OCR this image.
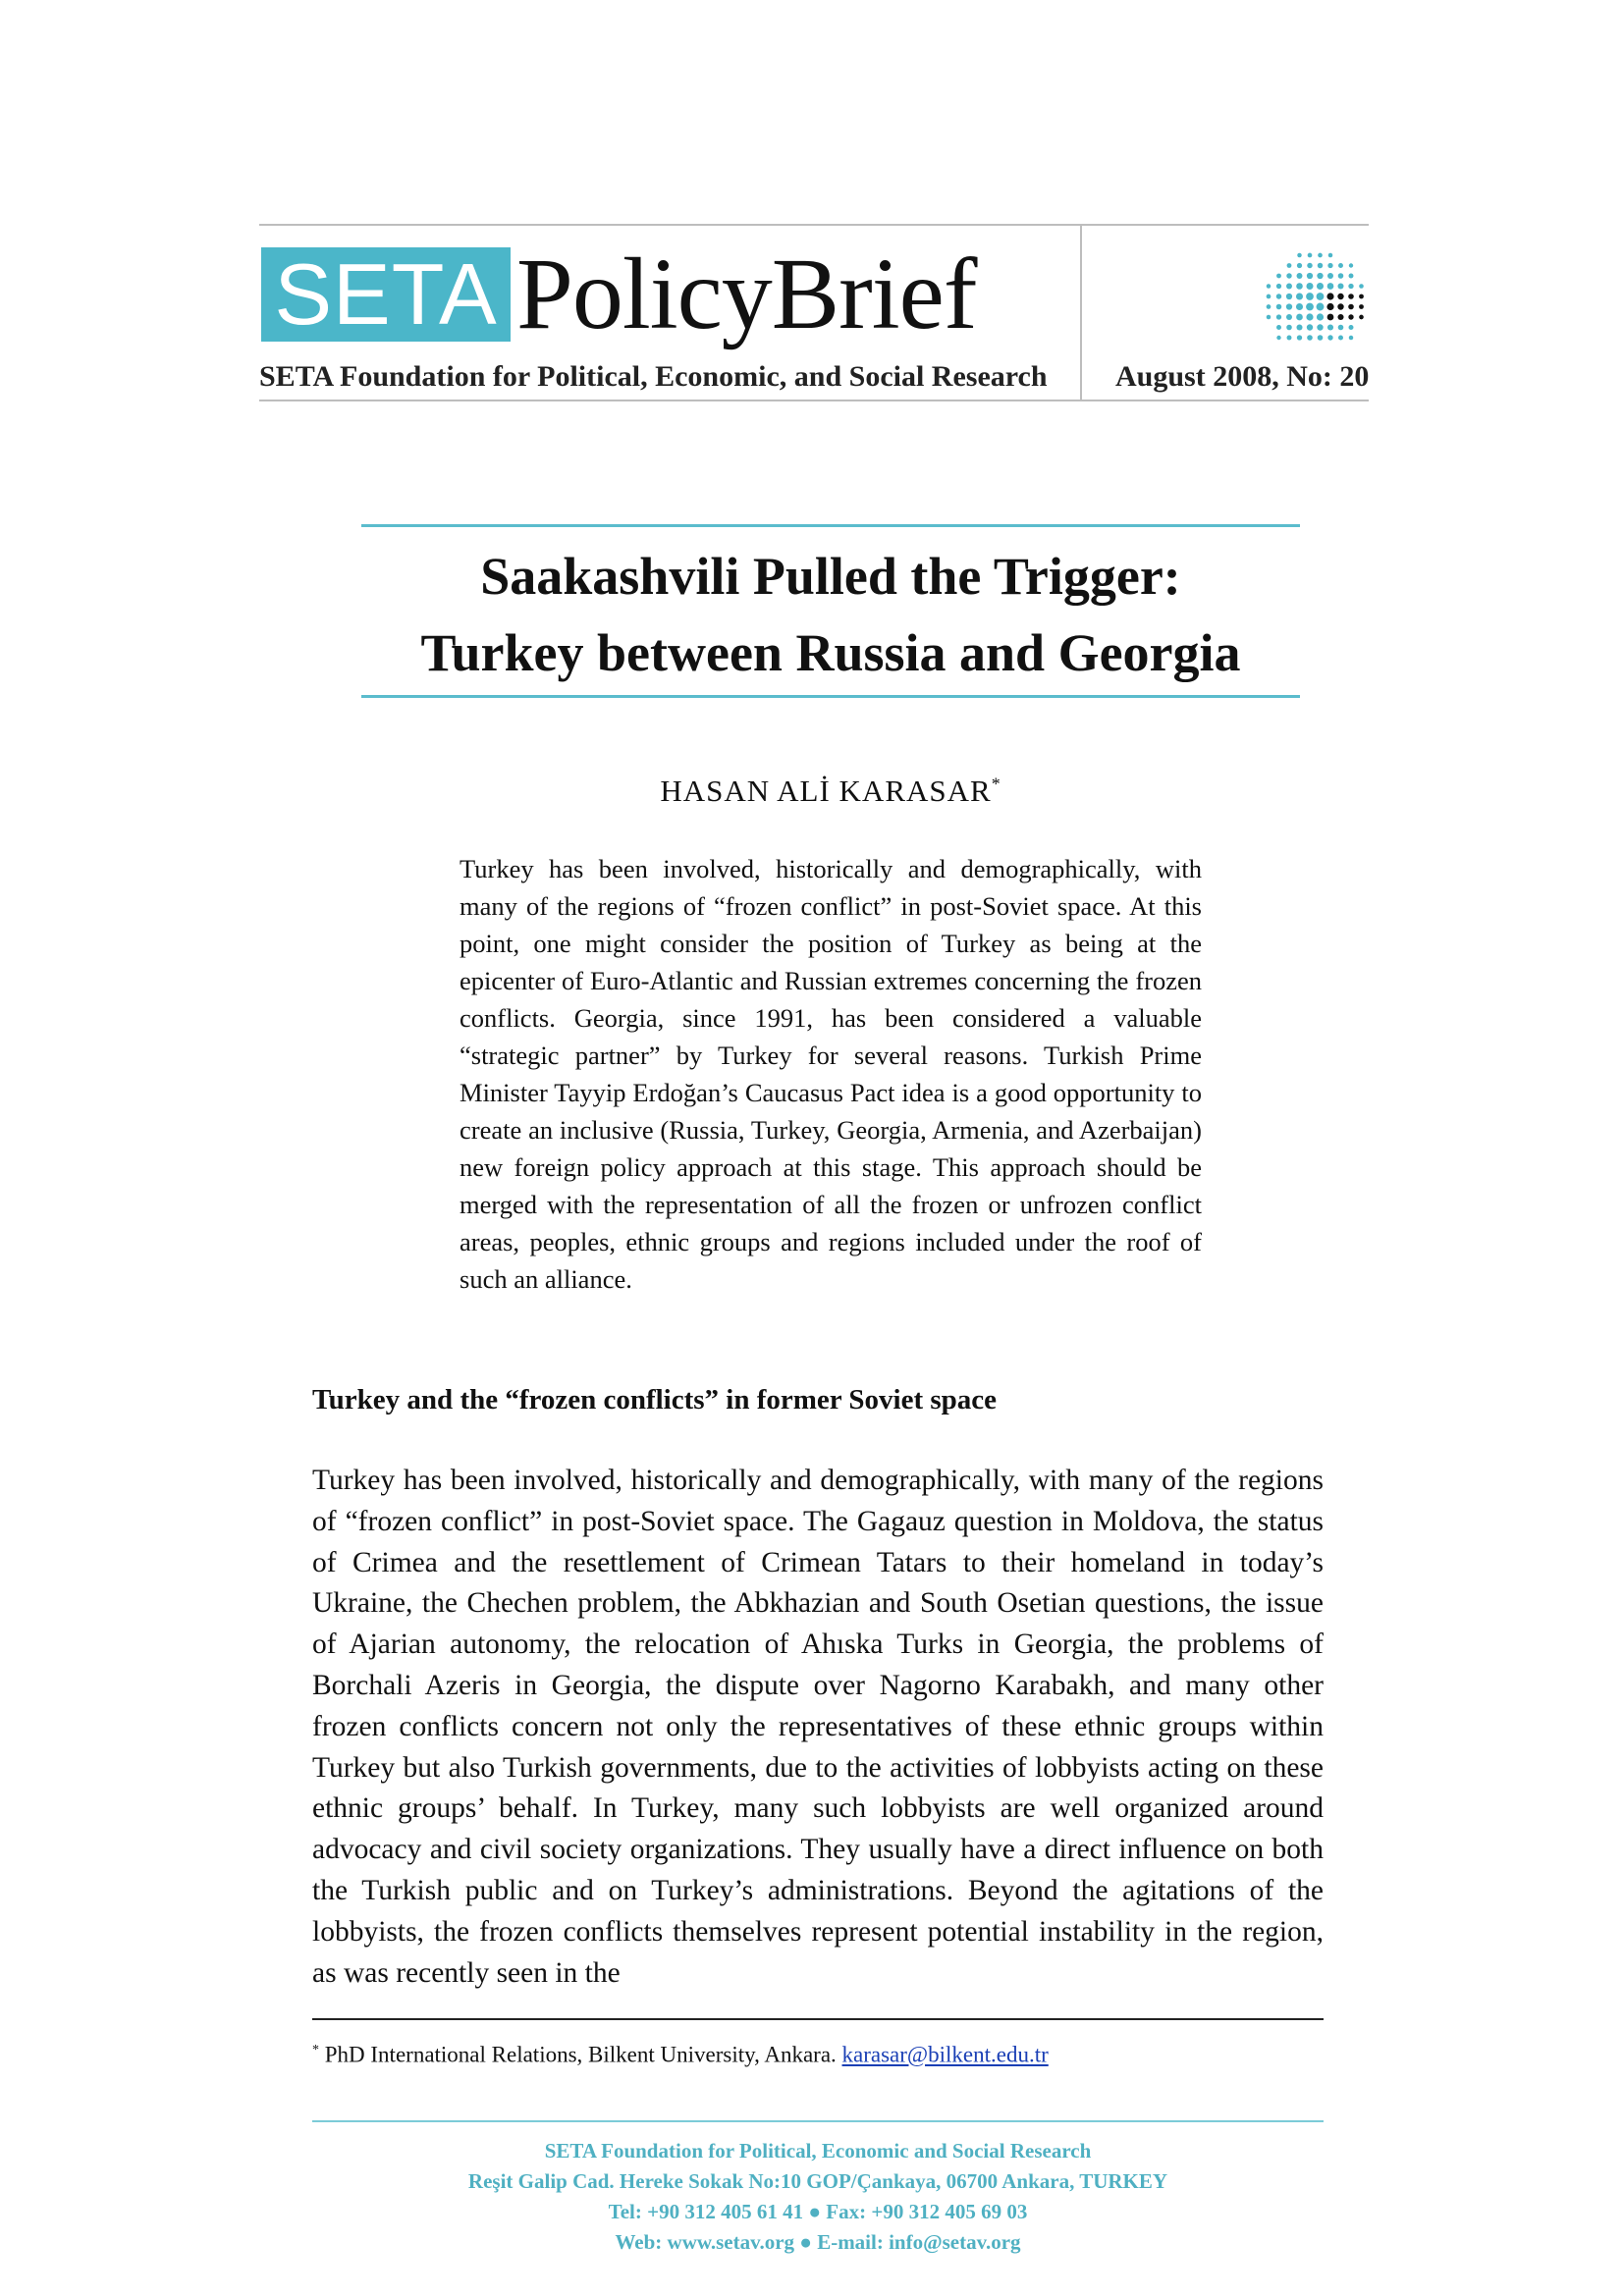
SETA PolicyBrief
SETA Foundation for Political, Economic, and Social Research August 2008, No: 20
Saakashvili Pulled the Trigger:
Turkey between Russia and Georgia
HASAN ALİ KARASAR*

Turkey has been involved, historically and demographically, with many of the regions of “frozen conflict” in post-Soviet space. At this point, one might consider the position of Turkey as being at the epicenter of Euro-Atlantic and Russian extremes concerning the frozen conflicts. Georgia, since 1991, has been considered a valuable “strategic partner” by Turkey for several reasons. Turkish Prime Minister Tayyip Erdoğan’s Caucasus Pact idea is a good opportunity to create an inclusive (Russia, Turkey, Georgia, Armenia, and Azerbaijan) new foreign policy approach at this stage. This approach should be merged with the representation of all the frozen or unfrozen conflict areas, peoples, ethnic groups and regions included under the roof of such an alliance.

Turkey and the “frozen conflicts” in former Soviet space

Turkey has been involved, historically and demographically, with many of the regions of “frozen conflict” in post-Soviet space. The Gagauz question in Moldova, the status of Crimea and the resettlement of Crimean Tatars to their homeland in today’s Ukraine, the Chechen problem, the Abkhazian and South Osetian questions, the issue of Ajarian autonomy, the relocation of Ahıska Turks in Georgia, the problems of Borchali Azeris in Georgia, the dispute over Nagorno Karabakh, and many other frozen conflicts concern not only the representatives of these ethnic groups within Turkey but also Turkish governments, due to the activities of lobbyists acting on these ethnic groups’ behalf. In Turkey, many such lobbyists are well organized around advocacy and civil society organizations. They usually have a direct influence on both the Turkish public and on Turkey’s administrations. Beyond the agitations of the lobbyists, the frozen conflicts themselves represent potential instability in the region, as was recently seen in the

* PhD International Relations, Bilkent University, Ankara. karasar@bilkent.edu.tr
SETA Foundation for Political, Economic and Social Research
Reşit Galip Cad. Hereke Sokak No:10 GOP/Çankaya, 06700 Ankara, TURKEY
Tel: +90 312 405 61 41 ● Fax: +90 312 405 69 03
Web: www.setav.org ● E-mail: info@setav.org
